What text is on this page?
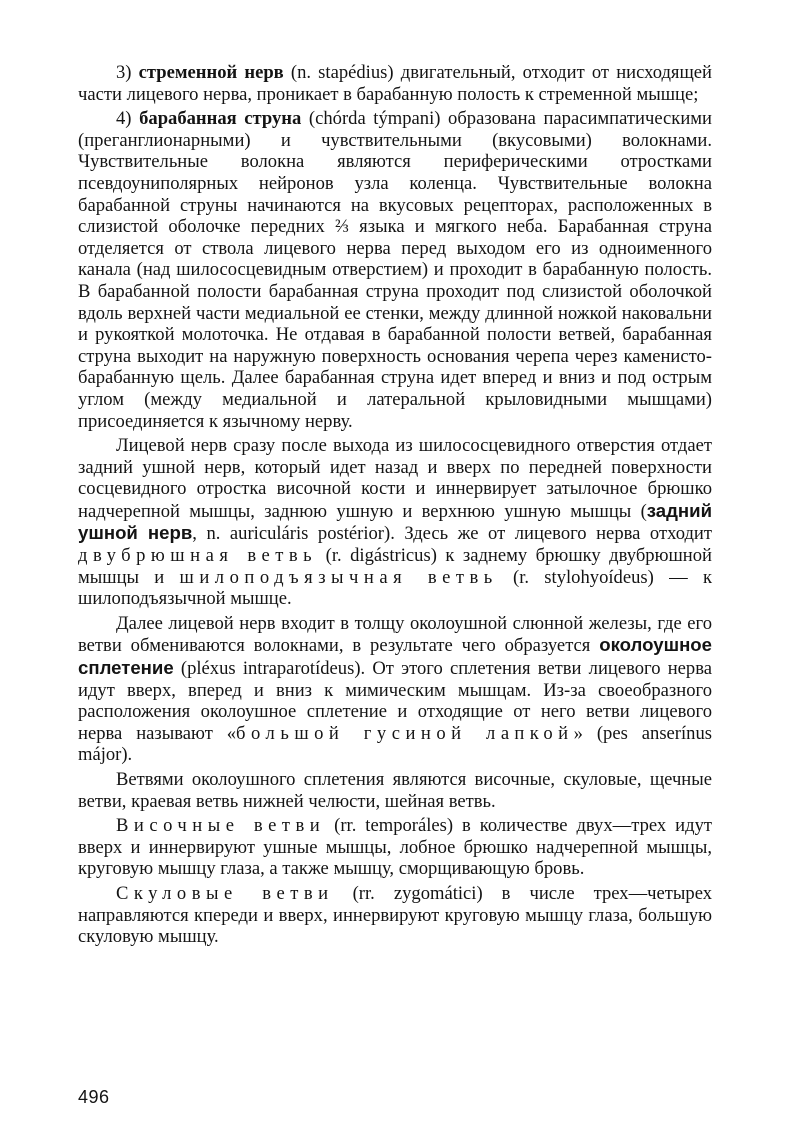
3) стременной нерв (n. stapédius) двигательный, отходит от нисходящей части лицевого нерва, проникает в барабанную полость к стременной мышце;

4) барабанная струна (chórda týmpani) образована парасимпатическими (преганглионарными) и чувствительными (вкусовыми) волокнами. Чувствительные волокна являются периферическими отростками псевдоуниполярных нейронов узла коленца. Чувствительные волокна барабанной струны начинаются на вкусовых рецепторах, расположенных в слизистой оболочке передних ⅔ языка и мягкого неба. Барабанная струна отделяется от ствола лицевого нерва перед выходом его из одноименного канала (над шилососцевидным отверстием) и проходит в барабанную полость. В барабанной полости барабанная струна проходит под слизистой оболочкой вдоль верхней части медиальной ее стенки, между длинной ножкой наковальни и рукояткой молоточка. Не отдавая в барабанной полости ветвей, барабанная струна выходит на наружную поверхность основания черепа через каменисто-барабанную щель. Далее барабанная струна идет вперед и вниз и под острым углом (между медиальной и латеральной крыловидными мышцами) присоединяется к язычному нерву.

Лицевой нерв сразу после выхода из шилососцевидного отверстия отдает задний ушной нерв, который идет назад и вверх по передней поверхности сосцевидного отростка височной кости и иннервирует затылочное брюшко надчерепной мышцы, заднюю ушную и верхнюю ушную мышцы (задний ушной нерв, n. auriculáris postérior). Здесь же от лицевого нерва отходит двубрюшная ветвь (r. digástricus) к заднему брюшку двубрюшной мышцы и шилоподъязычная ветвь (r. stylohyoídeus) — к шилоподъязычной мышце.

Далее лицевой нерв входит в толщу околоушной слюнной железы, где его ветви обмениваются волокнами, в результате чего образуется околоушное сплетение (pléxus intraparotídeus). От этого сплетения ветви лицевого нерва идут вверх, вперед и вниз к мимическим мышцам. Из-за своеобразного расположения околоушное сплетение и отходящие от него ветви лицевого нерва называют «большой гусиной лапкой» (pes anserínus májor).

Ветвями околоушного сплетения являются височные, скуловые, щечные ветви, краевая ветвь нижней челюсти, шейная ветвь.

Височные ветви (rr. temporáles) в количестве двух—трех идут вверх и иннервируют ушные мышцы, лобное брюшко надчерепной мышцы, круговую мышцу глаза, а также мышцу, сморщивающую бровь.

Скуловые ветви (rr. zygomátici) в числе трех—четырех направляются кпереди и вверх, иннервируют круговую мышцу глаза, большую скуловую мышцу.

496
